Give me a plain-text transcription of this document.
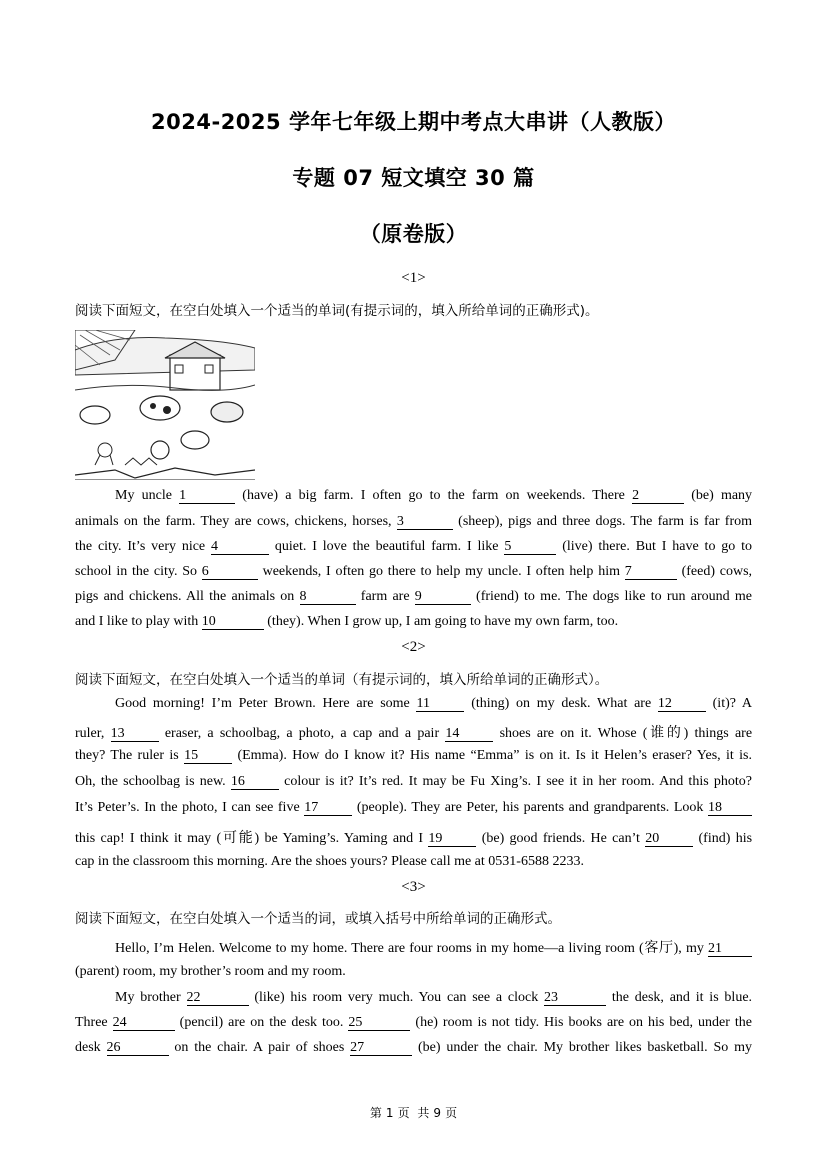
2024-2025 学年七年级上期中考点大串讲（人教版）
专题 07 短文填空 30 篇
（原卷版）
<1>
阅读下面短文，在空白处填入一个适当的单词(有提示词的，填入所给单词的正确形式)。
My uncle 1	(have) a big farm. I often go to the farm on weekends. There 2	(be) many
animals on the farm. They are cows, chickens, horses, 3	(sheep), pigs and three dogs. The farm is far from
the city. It’s very nice 4	quiet. I love the beautiful farm. I like 5	(live) there. But I have to go to
school in the city. So 6	weekends, I often go there to help my uncle. I often help him 7	(feed) cows,
pigs and chickens. All the animals on 8	farm are 9	(friend) to me. The dogs like to run around me
and I like to play with 10	(they). When I grow up, I am going to have my own farm, too.
<2>
阅读下面短文，在空白处填入一个适当的单词（有提示词的，填入所给单词的正确形式）。
Good morning! I’m Peter Brown. Here are some 11	(thing) on my desk. What are 12	(it)? A
ruler, 13	eraser, a schoolbag, a photo, a cap and a pair 14	shoes are on it. Whose (谁的) things are
they? The ruler is 15	(Emma). How do I know it? His name “Emma” is on it. Is it Helen’s eraser? Yes, it is.
Oh, the schoolbag is new. 16	colour is it? It’s red. It may be Fu Xing’s. I see it in her room. And this photo?
It’s Peter’s. In the photo, I can see five 17	(people). They are Peter, his parents and grandparents. Look 18
this cap! I think it may (可能) be Yaming’s. Yaming and I 19	(be) good friends. He can’t 20	(find) his
cap in the classroom this morning. Are the shoes yours? Please call me at 0531-6588 2233.
<3>
阅读下面短文，在空白处填入一个适当的词，或填入括号中所给单词的正确形式。
Hello, I’m Helen. Welcome to my home. There are four rooms in my home—a living room (客厅), my 21
(parent) room, my brother’s room and my room.
My brother 22	(like) his room very much. You can see a clock 23	the desk, and it is blue.
Three 24	(pencil) are on the desk too. 25	(he) room is not tidy. His books are on his bed, under the
desk 26	on the chair. A pair of shoes 27	(be) under the chair. My brother likes basketball. So my
第 1 页 共 9 页
